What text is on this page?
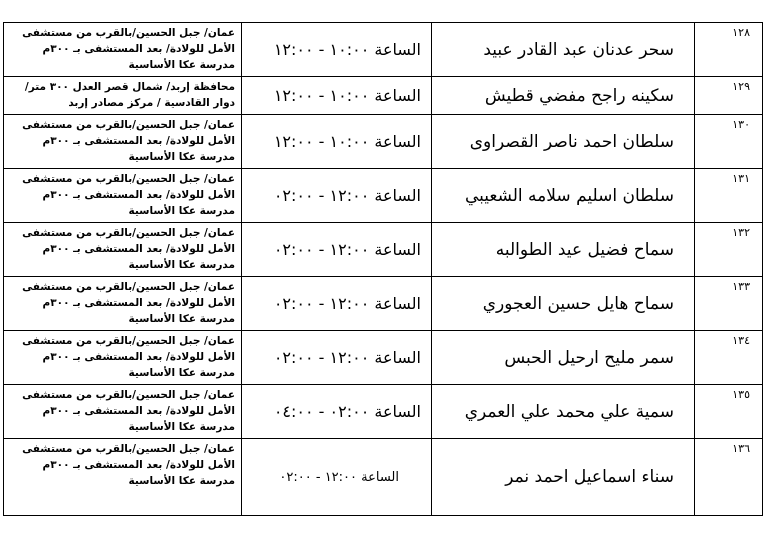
١٢٨	سحر عدنان عبد القادر عبيد	الساعة ١٠:٠٠ - ١٢:٠٠	عمان/ جبل الحسين/بالقرب من مستشفى الأمل للولادة/ بعد المستشفى بـ ٣٠٠م مدرسة عكا الأساسية
١٢٩	سكينه راجح مفضي قطيش	الساعة ١٠:٠٠ - ١٢:٠٠	محافظة إربد/ شمال قصر العدل ٣٠٠ متر/ دوار القادسية / مركز مصادر إربد
١٣٠	سلطان احمد ناصر القصراوى	الساعة ١٠:٠٠ - ١٢:٠٠	عمان/ جبل الحسين/بالقرب من مستشفى الأمل للولادة/ بعد المستشفى بـ ٣٠٠م مدرسة عكا الأساسية
١٣١	سلطان اسليم سلامه الشعيبي	الساعة ١٢:٠٠ - ٠٢:٠٠	عمان/ جبل الحسين/بالقرب من مستشفى الأمل للولادة/ بعد المستشفى بـ ٣٠٠م مدرسة عكا الأساسية
١٣٢	سماح فضيل عيد الطوالبه	الساعة ١٢:٠٠ - ٠٢:٠٠	عمان/ جبل الحسين/بالقرب من مستشفى الأمل للولادة/ بعد المستشفى بـ ٣٠٠م مدرسة عكا الأساسية
١٣٣	سماح هايل حسين العجوري	الساعة ١٢:٠٠ - ٠٢:٠٠	عمان/ جبل الحسين/بالقرب من مستشفى الأمل للولادة/ بعد المستشفى بـ ٣٠٠م مدرسة عكا الأساسية
١٣٤	سمر مليح ارحيل الحبس	الساعة ١٢:٠٠ - ٠٢:٠٠	عمان/ جبل الحسين/بالقرب من مستشفى الأمل للولادة/ بعد المستشفى بـ ٣٠٠م مدرسة عكا الأساسية
١٣٥	سمية علي محمد علي العمري	الساعة ٠٢:٠٠ - ٠٤:٠٠	عمان/ جبل الحسين/بالقرب من مستشفى الأمل للولادة/ بعد المستشفى بـ ٣٠٠م مدرسة عكا الأساسية
١٣٦	سناء اسماعيل احمد نمر	الساعة ١٢:٠٠ - ٠٢:٠٠	عمان/ جبل الحسين/بالقرب من مستشفى الأمل للولادة/ بعد المستشفى بـ ٣٠٠م مدرسة عكا الأساسية
